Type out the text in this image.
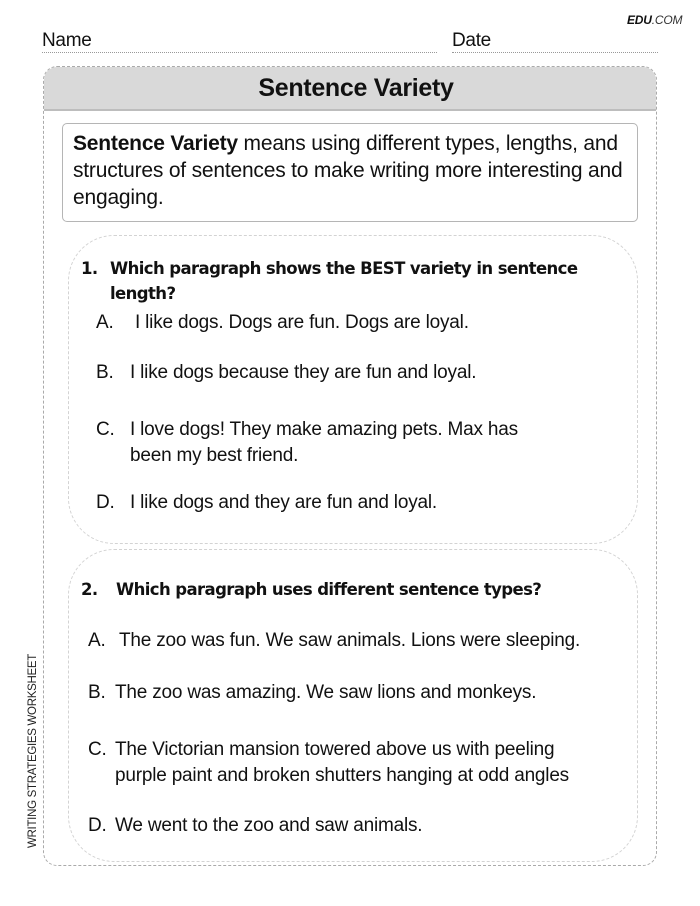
EDU.COM
Name	Date
WRITING STRATEGIES WORKSHEET
Sentence Variety
Sentence Variety means using different types, lengths, and structures of sentences to make writing more interesting and engaging.
1. Which paragraph shows the BEST variety in sentence
length?
A. I like dogs. Dogs are fun. Dogs are loyal.
B. I like dogs because they are fun and loyal.
C. I love dogs! They make amazing pets. Max has
been my best friend.
D. I like dogs and they are fun and loyal.
2. Which paragraph uses different sentence types?
A. The zoo was fun. We saw animals. Lions were sleeping.
B. The zoo was amazing. We saw lions and monkeys.
C. The Victorian mansion towered above us with peeling
purple paint and broken shutters hanging at odd angles
D. We went to the zoo and saw animals.
